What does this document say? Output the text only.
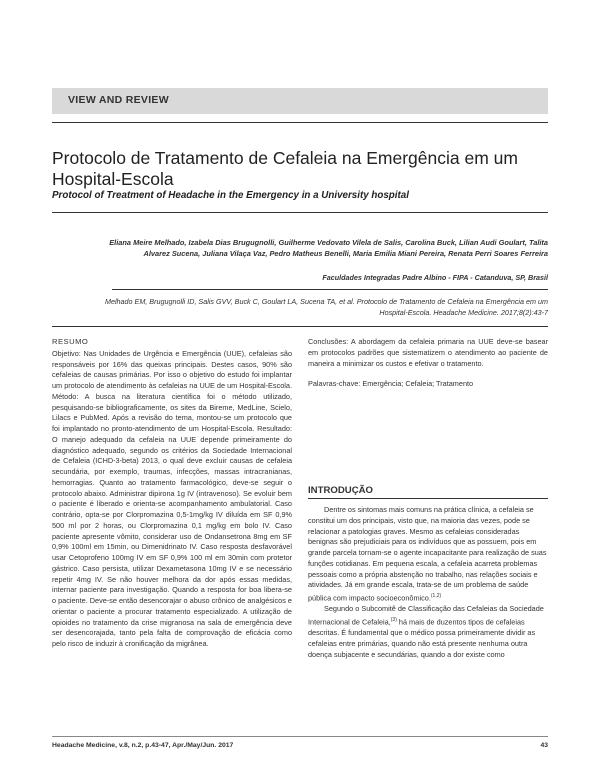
VIEW AND REVIEW
Protocolo de Tratamento de Cefaleia na Emergência em um Hospital-Escola
Protocol of Treatment of Headache in the Emergency in a University hospital
Eliana Meire Melhado, Izabela Dias Brugugnolli, Guilherme Vedovato Vilela de Salis, Carolina Buck, Lilian Audi Goulart, Talita Alvarez Sucena, Juliana Vilaça Vaz, Pedro Matheus Benelli, Maria Emilia Miani Pereira, Renata Perri Soares Ferreira
Faculdades Integradas Padre Albino - FIPA - Catanduva, SP, Brasil
Melhado EM, Brugugnolli ID, Salis GVV, Buck C, Goulart LA, Sucena TA, et al. Protocolo de Tratamento de Cefaleia na Emergência em um Hospital-Escola. Headache Medicine. 2017;8(2):43-7
RESUMO
Objetivo: Nas Unidades de Urgência e Emergência (UUE), cefaleias são responsáveis por 16% das queixas principais. Destes casos, 90% são cefaleias de causas primárias. Por isso o objetivo do estudo foi implantar um protocolo de atendimento às cefaleias na UUE de um Hospital-Escola. Método: A busca na literatura científica foi o método utilizado, pesquisando-se bibliograficamente, os sites da Bireme, MedLine, Scielo, Lilacs e PubMed. Após a revisão do tema, montou-se um protocolo que foi implantado no pronto-atendimento de um Hospital-Escola. Resultado: O manejo adequado da cefaleia na UUE depende primeiramente do diagnóstico adequado, segundo os critérios da Sociedade Internacional de Cefaleia (ICHD-3-beta) 2013, o qual deve excluir causas de cefaleia secundária, por exemplo, traumas, infecções, massas intracranianas, hemorragias. Quanto ao tratamento farmacológico, deve-se seguir o protocolo abaixo. Administrar dipirona 1g IV (intravenoso). Se evoluir bem o paciente é liberado e orienta-se acompanhamento ambulatorial. Caso contrário, opta-se por Clorpromazina 0,5-1mg/kg IV diluída em SF 0,9% 500 ml por 2 horas, ou Clorpromazina 0,1 mg/kg em bolo IV. Caso paciente apresente vômito, considerar uso de Ondansetrona 8mg em SF 0,9% 100ml em 15min, ou Dimenidrinato IV. Caso resposta desfavorável usar Cetoprofeno 100mg IV em SF 0,9% 100 ml em 30min com protetor gástrico. Caso persista, utilizar Dexametasona 10mg IV e se necessário repetir 4mg IV. Se não houver melhora da dor após essas medidas, internar paciente para investigação. Quando a resposta for boa libera-se o paciente. Deve-se então desencorajar o abuso crônico de analgésicos e orientar o paciente a procurar tratamento especializado. A utilização de opioides no tratamento da crise migranosa na sala de emergência deve ser desencorajada, tanto pela falta de comprovação de eficácia como pelo risco de induzir à cronificação da migrânea.
Conclusões: A abordagem da cefaleia primaria na UUE deve-se basear em protocolos padrões que sistematizem o atendimento ao paciente de maneira a minimizar os custos e efetivar o tratamento.
Palavras-chave: Emergência; Cefaleia; Tratamento
INTRODUÇÃO

Dentre os sintomas mais comuns na prática clínica, a cefaleia se constitui um dos principais, visto que, na maioria das vezes, pode se relacionar a patologias graves. Mesmo as cefaleias consideradas benignas são prejudiciais para os indivíduos que as possuem, pois em grande parcela tornam-se o agente incapacitante para realização de suas funções cotidianas. Em pequena escala, a cefaleia acarreta problemas pessoais como a própria abstenção no trabalho, nas relações sociais e atividades. Já em grande escala, trata-se de um problema de saúde pública com impacto socioeconômico.$^{(1,2)}$

Segundo o Subcomitê de Classificação das Cefaleias da Sociedade Internacional de Cefaleia,$^{(3)}$ há mais de duzentos tipos de cefaleias descritas. É fundamental que o médico possa primeiramente dividir as cefaleias entre primárias, quando não está presente nenhuma outra doença subjacente e secundárias, quando a dor existe como

Headache Medicine, v.8, n.2, p.43-47, Apr./May/Jun. 2017	43
